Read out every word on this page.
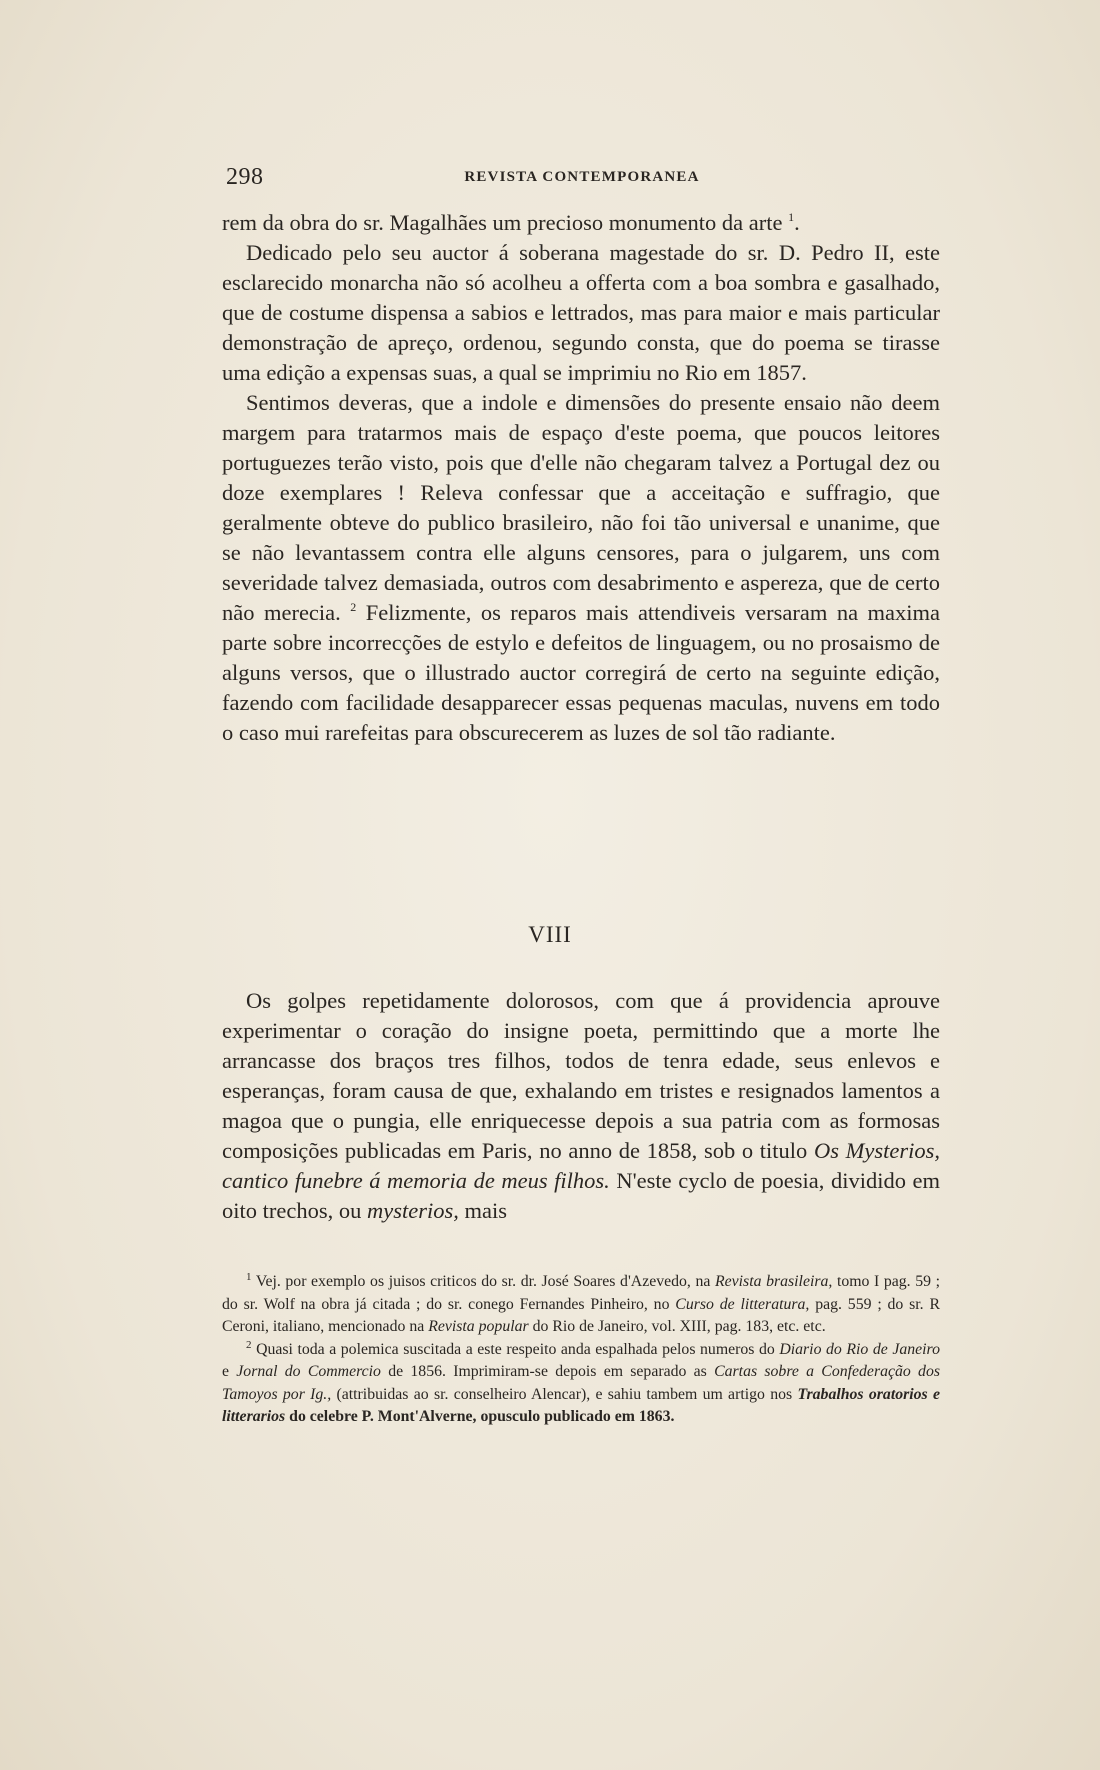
298	REVISTA CONTEMPORANEA

rem da obra do sr. Magalhães um precioso monumento da arte $^1$.

Dedicado pelo seu auctor á soberana magestade do sr. D. Pedro II, este esclarecido monarcha não só acolheu a offerta com a boa sombra e gasalhado, que de costume dispensa a sabios e lettrados, mas para maior e mais particular demonstração de apreço, ordenou, segundo consta, que do poema se tirasse uma edição a expensas suas, a qual se imprimiu no Rio em 1857.

Sentimos deveras, que a indole e dimensões do presente ensaio não deem margem para tratarmos mais de espaço d'este poema, que poucos leitores portuguezes terão visto, pois que d'elle não chegaram talvez a Portugal dez ou doze exemplares ! Releva confessar que a acceitação e suffragio, que geralmente obteve do publico brasileiro, não foi tão universal e unanime, que se não levantassem contra elle alguns censores, para o julgarem, uns com severidade talvez demasiada, outros com desabrimento e aspereza, que de certo não merecia. $^2$ Felizmente, os reparos mais attendiveis versaram na maxima parte sobre incorrecções de estylo e defeitos de linguagem, ou no prosaismo de alguns versos, que o illustrado auctor corregirá de certo na seguinte edição, fazendo com facilidade desapparecer essas pequenas maculas, nuvens em todo o caso mui rarefeitas para obscurecerem as luzes de sol tão radiante.

VIII

Os golpes repetidamente dolorosos, com que á providencia aprouve experimentar o coração do insigne poeta, permittindo que a morte lhe arrancasse dos braços tres filhos, todos de tenra edade, seus enlevos e esperanças, foram causa de que, exhalando em tristes e resignados lamentos a magoa que o pungia, elle enriquecesse depois a sua patria com as formosas composições publicadas em Paris, no anno de 1858, sob o titulo Os Mysterios, cantico funebre á memoria de meus filhos. N'este cyclo de poesia, dividido em oito trechos, ou mysterios, mais

$^1$ Vej. por exemplo os juisos criticos do sr. dr. José Soares d'Azevedo, na Revista brasileira, tomo I pag. 59 ; do sr. Wolf na obra já citada ; do sr. conego Fernandes Pinheiro, no Curso de litteratura, pag. 559 ; do sr. R Ceroni, italiano, mencionado na Revista popular do Rio de Janeiro, vol. XIII, pag. 183, etc. etc.

$^2$ Quasi toda a polemica suscitada a este respeito anda espalhada pelos numeros do Diario do Rio de Janeiro e Jornal do Commercio de 1856. Imprimiram-se depois em separado as Cartas sobre a Confederação dos Tamoyos por Ig., (attribuidas ao sr. conselheiro Alencar), e sahiu tambem um artigo nos Trabalhos oratorios e litterarios do celebre P. Mont'Alverne, opusculo publicado em 1863.
